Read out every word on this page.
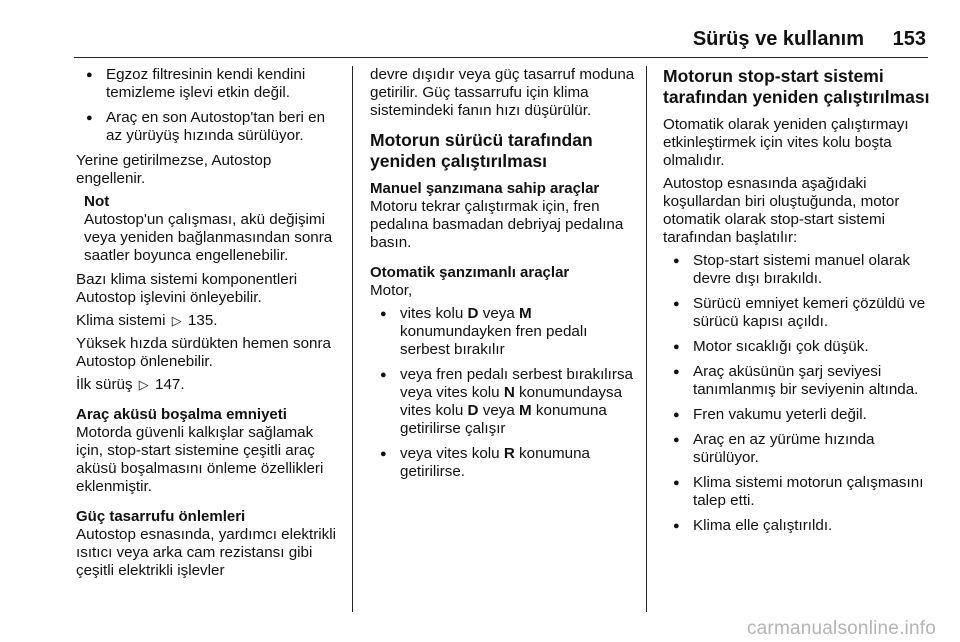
Sürüş ve kullanım 153
● Egzoz filtresinin kendi kendini temizleme işlevi etkin değil.
● Araç en son Autostop'tan beri en az yürüyüş hızında sürülüyor.

Yerine getirilmezse, Autostop engellenir.

Not
Autostop'un çalışması, akü değişimi veya yeniden bağlanmasından sonra saatler boyunca engellenebilir.

Bazı klima sistemi komponentleri Autostop işlevini önleyebilir.

Klima sistemi ▷ 135.

Yüksek hızda sürdükten hemen sonra Autostop önlenebilir.

İlk sürüş ▷ 147.

Araç aküsü boşalma emniyeti

Motorda güvenli kalkışlar sağlamak için, stop-start sistemine çeşitli araç aküsü boşalmasını önleme özellikleri eklenmiştir.

Güç tasarrufu önlemleri

Autostop esnasında, yardımcı elektrikli ısıtıcı veya arka cam rezistansı gibi çeşitli elektrikli işlevler

devre dışıdır veya güç tasarruf moduna getirilir. Güç tassarrufu için klima sistemindeki fanın hızı düşürülür.

Motorun sürücü tarafından yeniden çalıştırılması
Manuel şanzımana sahip araçlar

Motoru tekrar çalıştırmak için, fren pedalına basmadan debriyaj pedalına basın.

Otomatik şanzımanlı araçlar

Motor,

● vites kolu D veya M konumundayken fren pedalı serbest bırakılır
● veya fren pedalı serbest bırakılırsa veya vites kolu N konumundaysa vites kolu D veya M konumuna getirilirse çalışır
● veya vites kolu R konumuna getirilirse.
Motorun stop-start sistemi tarafından yeniden çalıştırılması

Otomatik olarak yeniden çalıştırmayı etkinleştirmek için vites kolu boşta olmalıdır.

Autostop esnasında aşağıdaki koşullardan biri oluştuğunda, motor otomatik olarak stop-start sistemi tarafından başlatılır:

● Stop-start sistemi manuel olarak devre dışı bırakıldı.
● Sürücü emniyet kemeri çözüldü ve sürücü kapısı açıldı.
● Motor sıcaklığı çok düşük.
● Araç aküsünün şarj seviyesi tanımlanmış bir seviyenin altında.
● Fren vakumu yeterli değil.
● Araç en az yürüme hızında sürülüyor.
● Klima sistemi motorun çalışmasını talep etti.
● Klima elle çalıştırıldı.
carmanualsonline.info
